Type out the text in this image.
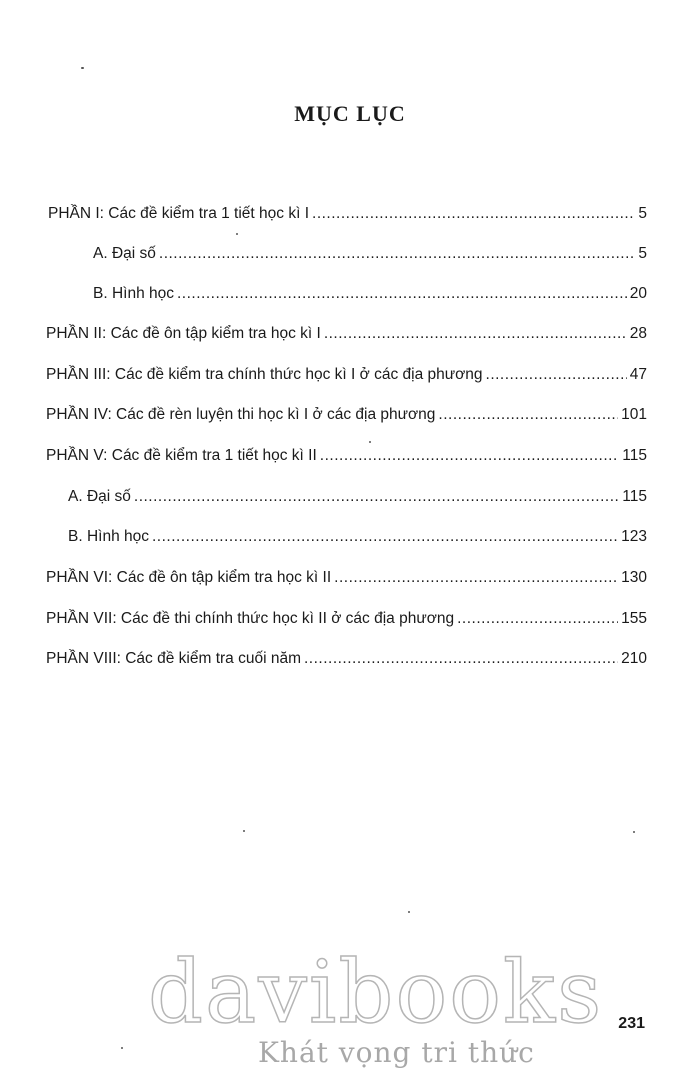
MỤC LỤC
PHẦN I: Các đề kiểm tra 1 tiết học kì I .....	5
A. Đại số .....	5
B. Hình học .....	20
PHẦN II: Các đề ôn tập kiểm tra học kì I .....	28
PHẦN III: Các đề kiểm tra chính thức học kì I ở các địa phương .....	47
PHẦN IV: Các đề rèn luyện thi học kì I ở các địa phương .....	101
PHẦN V: Các đề kiểm tra 1 tiết học kì II .....	115
A. Đại số .....	115
B. Hình học .....	123
PHẦN VI: Các đề ôn tập kiểm tra học kì II .....	130
PHẦN VII: Các đề thi chính thức học kì II ở các địa phương .....	155
PHẦN VIII: Các đề kiểm tra cuối năm .....	210
davibooks
Khát vọng tri thức
231
